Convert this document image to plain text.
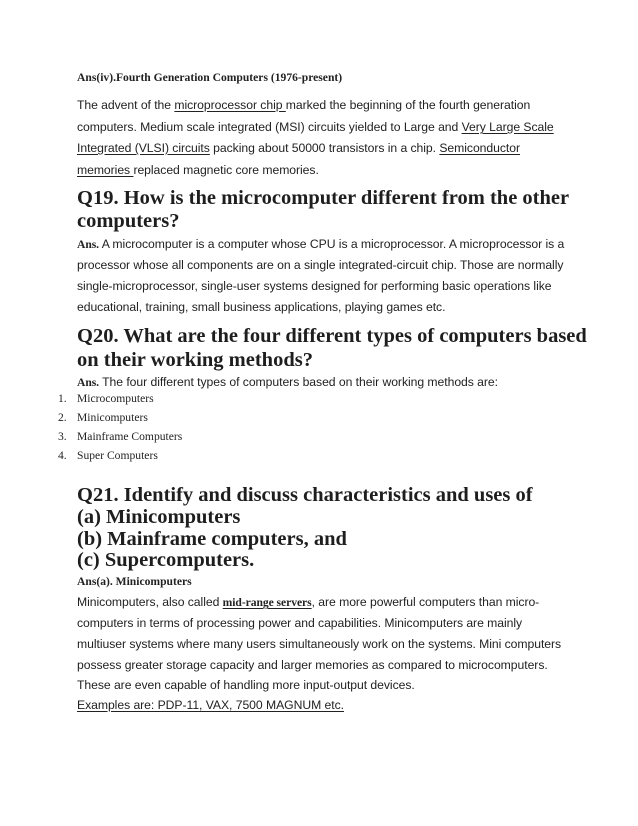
Ans(iv).Fourth Generation Computers (1976-present)
The advent of the microprocessor chip marked the beginning of the fourth generation
computers. Medium scale integrated (MSI) circuits yielded to Large and Very Large Scale
Integrated (VLSI) circuits packing about 50000 transistors in a chip. Semiconductor
memories replaced magnetic core memories.
Q19. How is the microcomputer different from the other
computers?
Ans. A microcomputer is a computer whose CPU is a microprocessor. A microprocessor is a
processor whose all components are on a single integrated-circuit chip. Those are normally
single-microprocessor, single-user systems designed for performing basic operations like
educational, training, small business applications, playing games etc.
Q20. What are the four different types of computers based
on their working methods?
Ans. The four different types of computers based on their working methods are:
1. Microcomputers
2. Minicomputers
3. Mainframe Computers
4. Super Computers
Q21. Identify and discuss characteristics and uses of
(a) Minicomputers
(b) Mainframe computers, and
(c) Supercomputers.
Ans(a). Minicomputers
Minicomputers, also called mid-range servers, are more powerful computers than micro-
computers in terms of processing power and capabilities. Minicomputers are mainly
multiuser systems where many users simultaneously work on the systems. Mini computers
possess greater storage capacity and larger memories as compared to microcomputers.
These are even capable of handling more input-output devices.
Examples are: PDP-11, VAX, 7500 MAGNUM etc.
